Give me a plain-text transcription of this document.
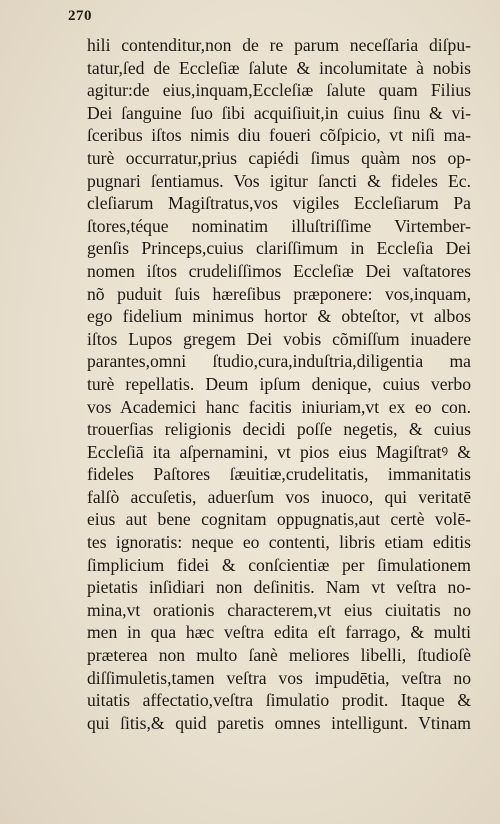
270
hili contenditur,non de re parum neceſſaria diſpu-
tatur,ſed de Eccleſiæ ſalute & incolumitate à nobis
agitur:de eius,inquam,Eccleſiæ ſalute quam Filius
Dei ſanguine ſuo ſibi acquiſiuit,in cuius ſinu & vi-
ſceribus iſtos nimis diu foueri cõſpicio, vt niſi ma-
turè occurratur,prius capiédi ſimus quàm nos op-
pugnari ſentiamus. Vos igitur ſancti & fideles Ec.
cleſiarum Magiſtratus,vos vigiles Eccleſiarum Pa
ſtores,téque nominatim illuſtriſſime Virtember-
genſis Princeps,cuius clariſſimum in Eccleſia Dei
nomen iſtos crudeliſſimos Eccleſiæ Dei vaſtatores
nõ puduit ſuis hæreſibus præponere: vos,inquam,
ego fidelium minimus hortor & obteſtor, vt albos
iſtos Lupos gregem Dei vobis cõmiſſum inuadere
parantes,omni ſtudio,cura,induſtria,diligentia ma
turè repellatis. Deum ipſum denique, cuius verbo
vos Academici hanc facitis iniuriam,vt ex eo con.
trouerſias religionis decidi poſſe negetis, & cuius
Eccleſiā ita aſpernamini, vt pios eius Magiſtratꝰ &
fideles Paſtores ſæuitiæ,crudelitatis, immanitatis
falſò accuſetis, aduerſum vos inuoco, qui veritatē
eius aut bene cognitam oppugnatis,aut certè volē-
tes ignoratis: neque eo contenti, libris etiam editis
ſimplicium fidei & conſcientiæ per ſimulationem
pietatis inſidiari non deſinitis. Nam vt veſtra no-
mina,vt orationis characterem,vt eius ciuitatis no
men in qua hæc veſtra edita eſt farrago, & multi
præterea non multo ſanè meliores libelli, ſtudioſè
diſſimuletis,tamen veſtra vos impudētia, veſtra no
uitatis affectatio,veſtra ſimulatio prodit. Itaque &
qui ſitis,& quid paretis omnes intelligunt. Vtinam
